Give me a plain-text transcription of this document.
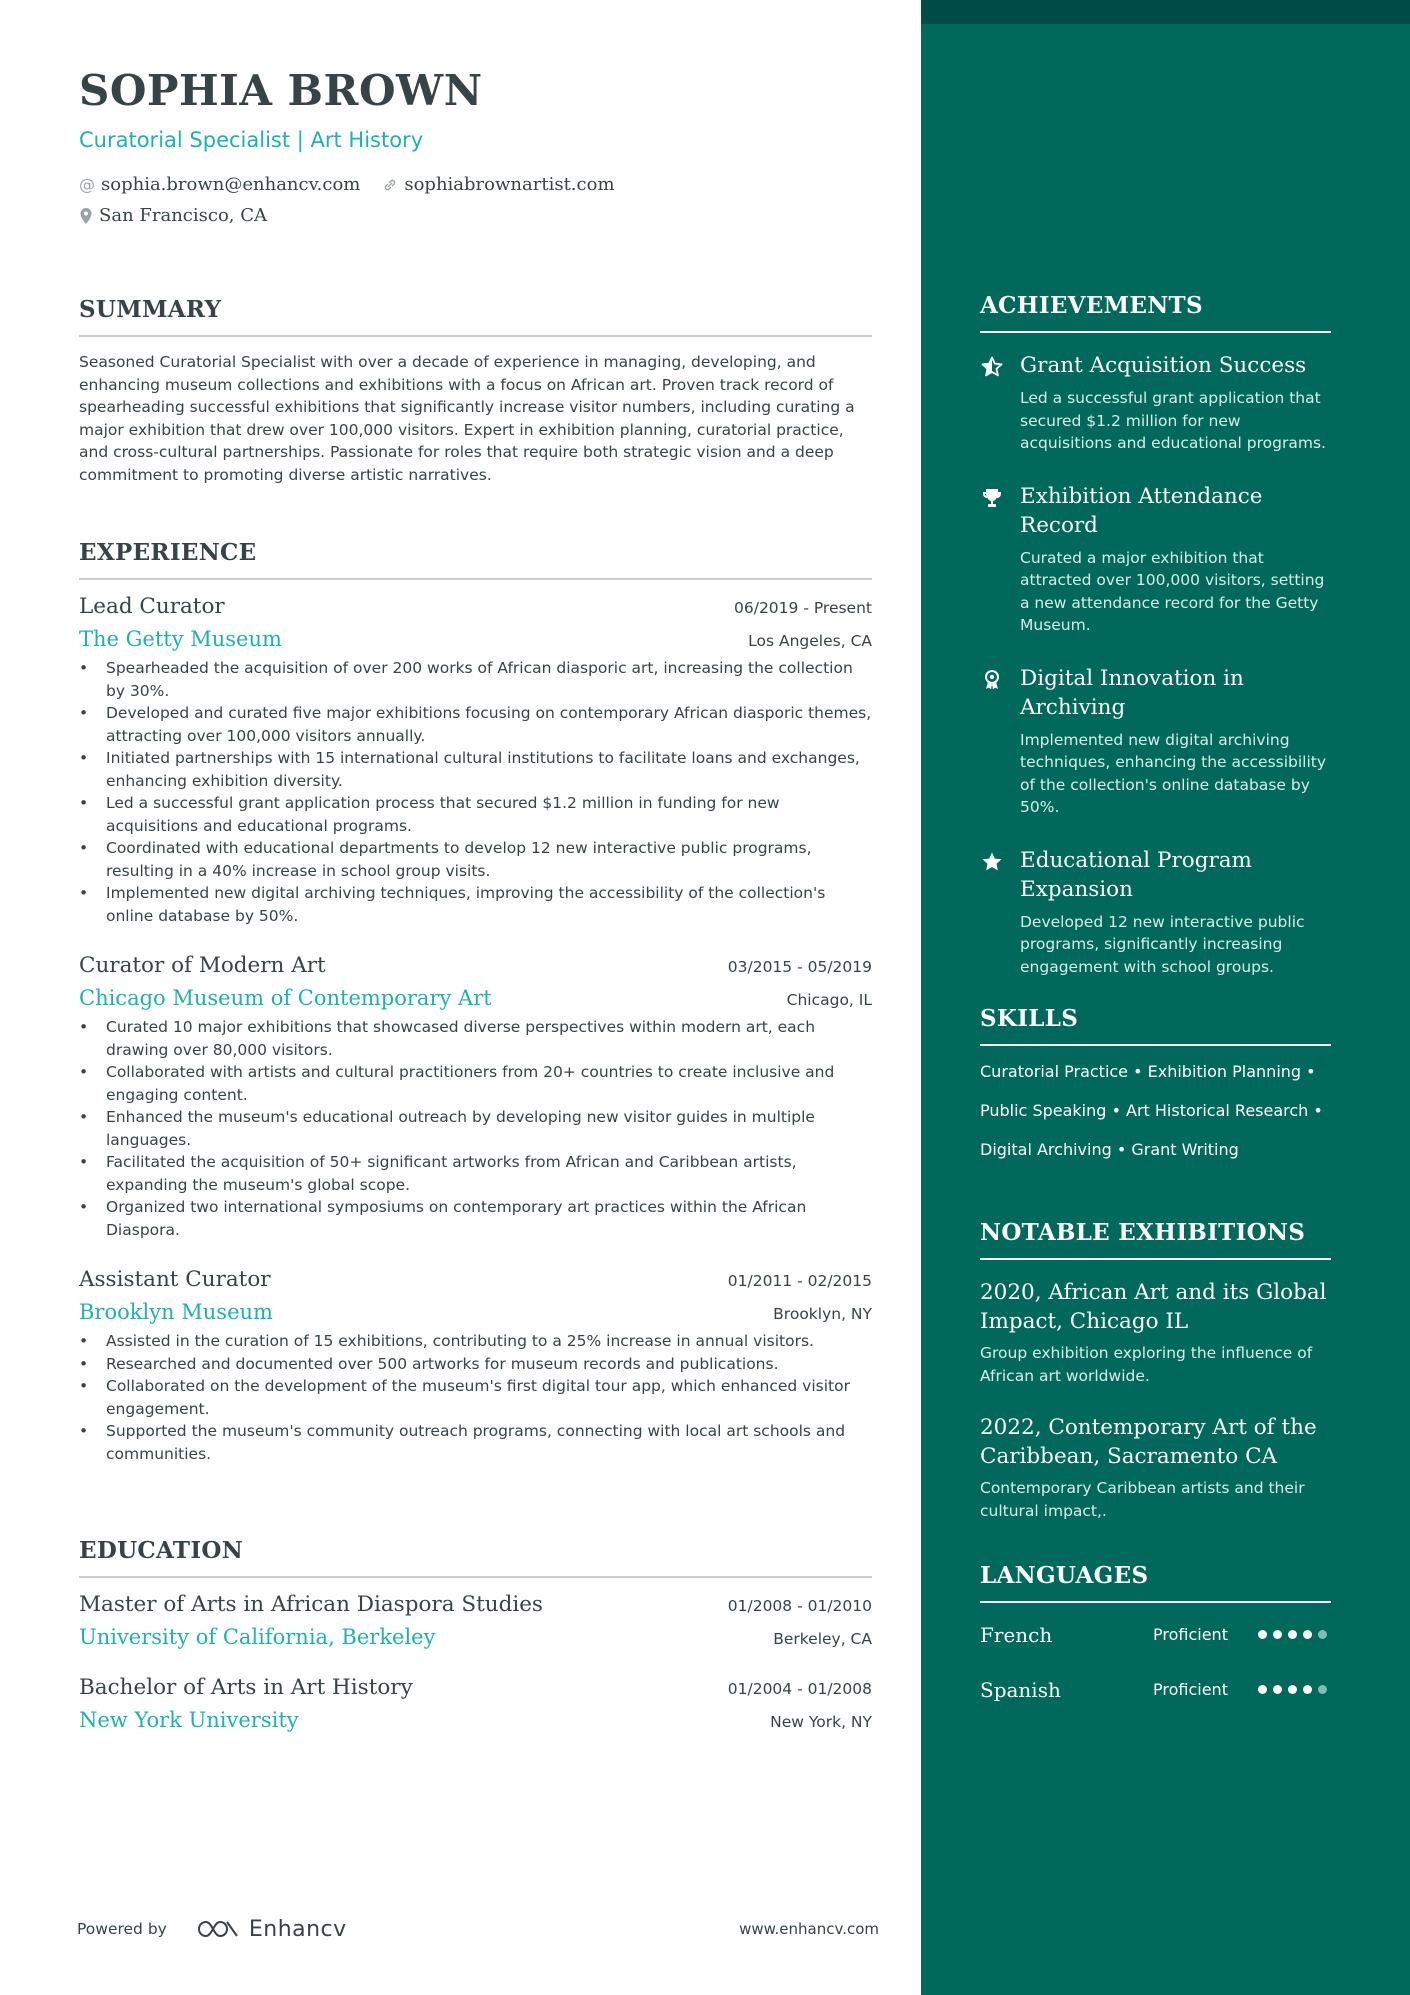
SOPHIA BROWN
Curatorial Specialist | Art History
@ sophia.brown@enhancv.com sophiabrownartist.com
San Francisco, CA
SUMMARY

Seasoned Curatorial Specialist with over a decade of experience in managing, developing, and enhancing museum collections and exhibitions with a focus on African art. Proven track record of spearheading successful exhibitions that significantly increase visitor numbers, including curating a major exhibition that drew over 100,000 visitors. Expert in exhibition planning, curatorial practice, and cross-cultural partnerships. Passionate for roles that require both strategic vision and a deep commitment to promoting diverse artistic narratives.

EXPERIENCE
Lead Curator	06/2019 - Present
The Getty Museum	Los Angeles, CA
• Spearheaded the acquisition of over 200 works of African diasporic art, increasing the collection by 30%.
• Developed and curated five major exhibitions focusing on contemporary African diasporic themes, attracting over 100,000 visitors annually.
• Initiated partnerships with 15 international cultural institutions to facilitate loans and exchanges, enhancing exhibition diversity.
• Led a successful grant application process that secured $1.2 million in funding for new acquisitions and educational programs.
• Coordinated with educational departments to develop 12 new interactive public programs, resulting in a 40% increase in school group visits.
• Implemented new digital archiving techniques, improving the accessibility of the collection's online database by 50%.
Curator of Modern Art	03/2015 - 05/2019
Chicago Museum of Contemporary Art	Chicago, IL
• Curated 10 major exhibitions that showcased diverse perspectives within modern art, each drawing over 80,000 visitors.
• Collaborated with artists and cultural practitioners from 20+ countries to create inclusive and engaging content.
• Enhanced the museum's educational outreach by developing new visitor guides in multiple languages.
• Facilitated the acquisition of 50+ significant artworks from African and Caribbean artists, expanding the museum's global scope.
• Organized two international symposiums on contemporary art practices within the African Diaspora.
Assistant Curator	01/2011 - 02/2015
Brooklyn Museum	Brooklyn, NY
• Assisted in the curation of 15 exhibitions, contributing to a 25% increase in annual visitors.
• Researched and documented over 500 artworks for museum records and publications.
• Collaborated on the development of the museum's first digital tour app, which enhanced visitor engagement.
• Supported the museum's community outreach programs, connecting with local art schools and communities.
EDUCATION
Master of Arts in African Diaspora Studies	01/2008 - 01/2010
University of California, Berkeley	Berkeley, CA
Bachelor of Arts in Art History	01/2004 - 01/2008
New York University	New York, NY
ACHIEVEMENTS
Grant Acquisition Success
Led a successful grant application that secured $1.2 million for new acquisitions and educational programs.
Exhibition Attendance Record
Curated a major exhibition that attracted over 100,000 visitors, setting a new attendance record for the Getty Museum.
Digital Innovation in Archiving
Implemented new digital archiving techniques, enhancing the accessibility of the collection's online database by 50%.
Educational Program Expansion
Developed 12 new interactive public programs, significantly increasing engagement with school groups.
SKILLS
Curatorial Practice • Exhibition Planning •
Public Speaking • Art Historical Research •
Digital Archiving • Grant Writing
NOTABLE EXHIBITIONS
2020, African Art and its Global Impact, Chicago IL
Group exhibition exploring the influence of African art worldwide.
2022, Contemporary Art of the Caribbean, Sacramento CA
Contemporary Caribbean artists and their cultural impact,.
LANGUAGES
French	Proficient
Spanish	Proficient
Powered by	Enhancv	www.enhancv.com
